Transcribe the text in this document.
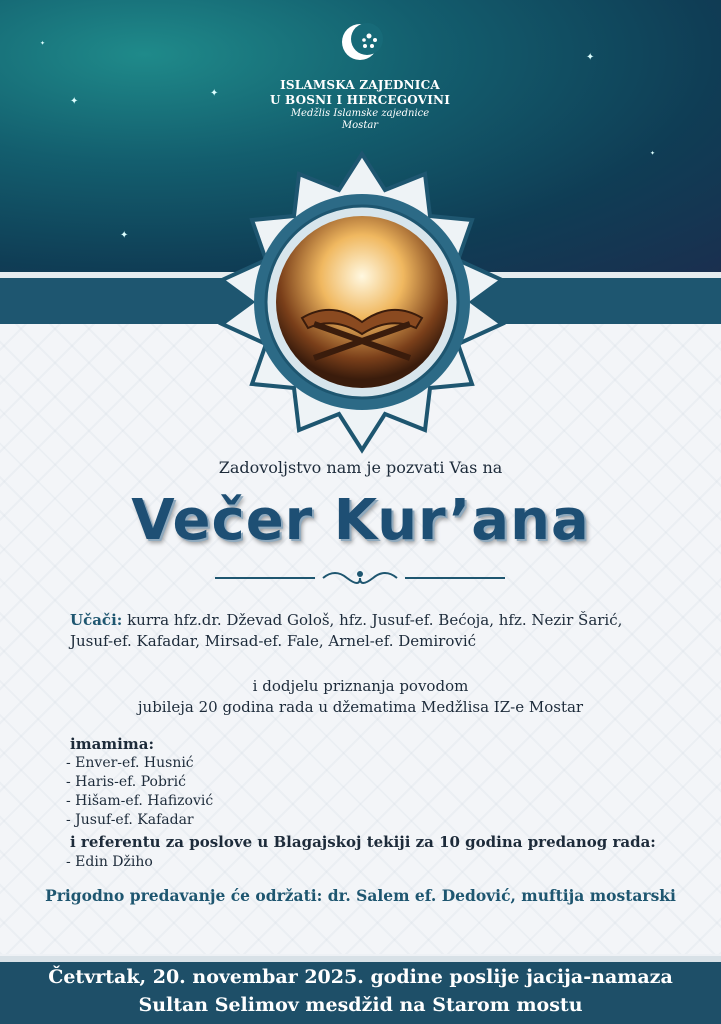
✦
✦
✦
✦
✦
✦
ISLAMSKA ZAJEDNICA
U BOSNI I HERCEGOVINI
Medžlis Islamske zajednice
Mostar
Zadovoljstvo nam je pozvati Vas na
Večer Kur’ana
Učači: kurra hfz.dr. Dževad Gološ, hfz. Jusuf-ef. Bećoja, hfz. Nezir Šarić,
Jusuf-ef. Kafadar, Mirsad-ef. Fale, Arnel-ef. Demirović
i dodjelu priznanja povodom
jubileja 20 godina rada u džematima Medžlisa IZ-e Mostar
imamima:
- Enver-ef. Husnić
- Haris-ef. Pobrić
- Hišam-ef. Hafizović
- Jusuf-ef. Kafadar
i referentu za poslove u Blagajskoj tekiji za 10 godina predanog rada:
- Edin Džiho
Prigodno predavanje će održati: dr. Salem ef. Dedović, muftija mostarski
Četvrtak, 20. novembar 2025. godine poslije jacija-namaza
Sultan Selimov mesdžid na Starom mostu
